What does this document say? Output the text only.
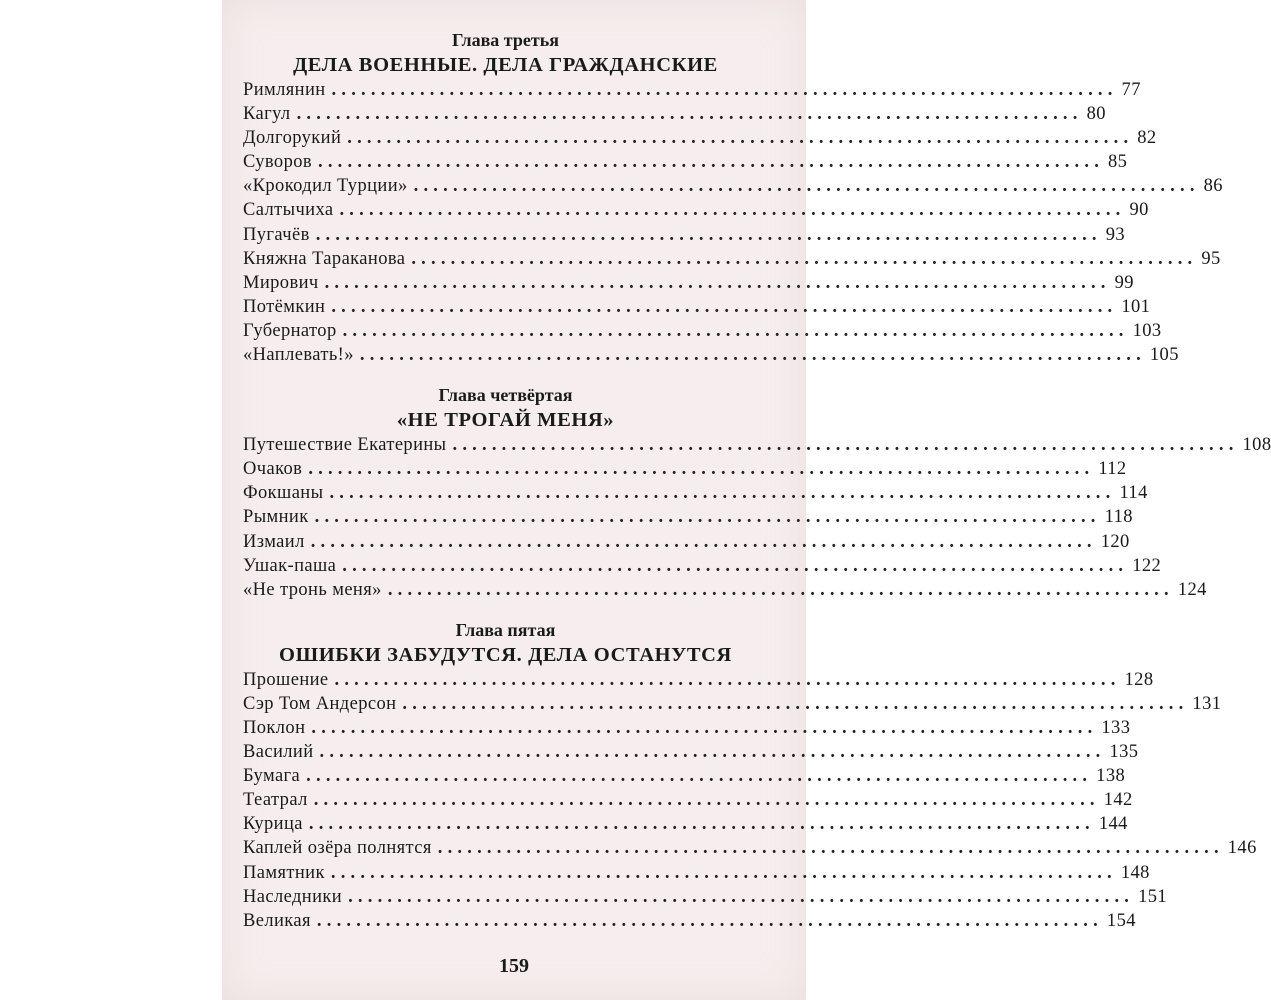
Глава третья
ДЕЛА ВОЕННЫЕ. ДЕЛА ГРАЖДАНСКИЕ
Римлянин ................................................................................ 77
Кагул ................................................................................ 80
Долгорукий ................................................................................ 82
Суворов ................................................................................ 85
«Крокодил Турции» ................................................................................ 86
Салтычиха ................................................................................ 90
Пугачёв ................................................................................ 93
Княжна Тараканова ................................................................................ 95
Мирович ................................................................................ 99
Потёмкин ................................................................................ 101
Губернатор ................................................................................ 103
«Наплевать!» ................................................................................ 105
Глава четвёртая
«НЕ ТРОГАЙ МЕНЯ»
Путешествие Екатерины ................................................................................ 108
Очаков ................................................................................ 112
Фокшаны ................................................................................ 114
Рымник ................................................................................ 118
Измаил ................................................................................ 120
Ушак-паша ................................................................................ 122
«Не тронь меня» ................................................................................ 124
Глава пятая
ОШИБКИ ЗАБУДУТСЯ. ДЕЛА ОСТАНУТСЯ
Прошение ................................................................................ 128
Сэр Том Андерсон ................................................................................ 131
Поклон ................................................................................ 133
Василий ................................................................................ 135
Бумага ................................................................................ 138
Театрал ................................................................................ 142
Курица ................................................................................ 144
Каплей озёра полнятся ................................................................................ 146
Памятник ................................................................................ 148
Наследники ................................................................................ 151
Великая ................................................................................ 154
159
